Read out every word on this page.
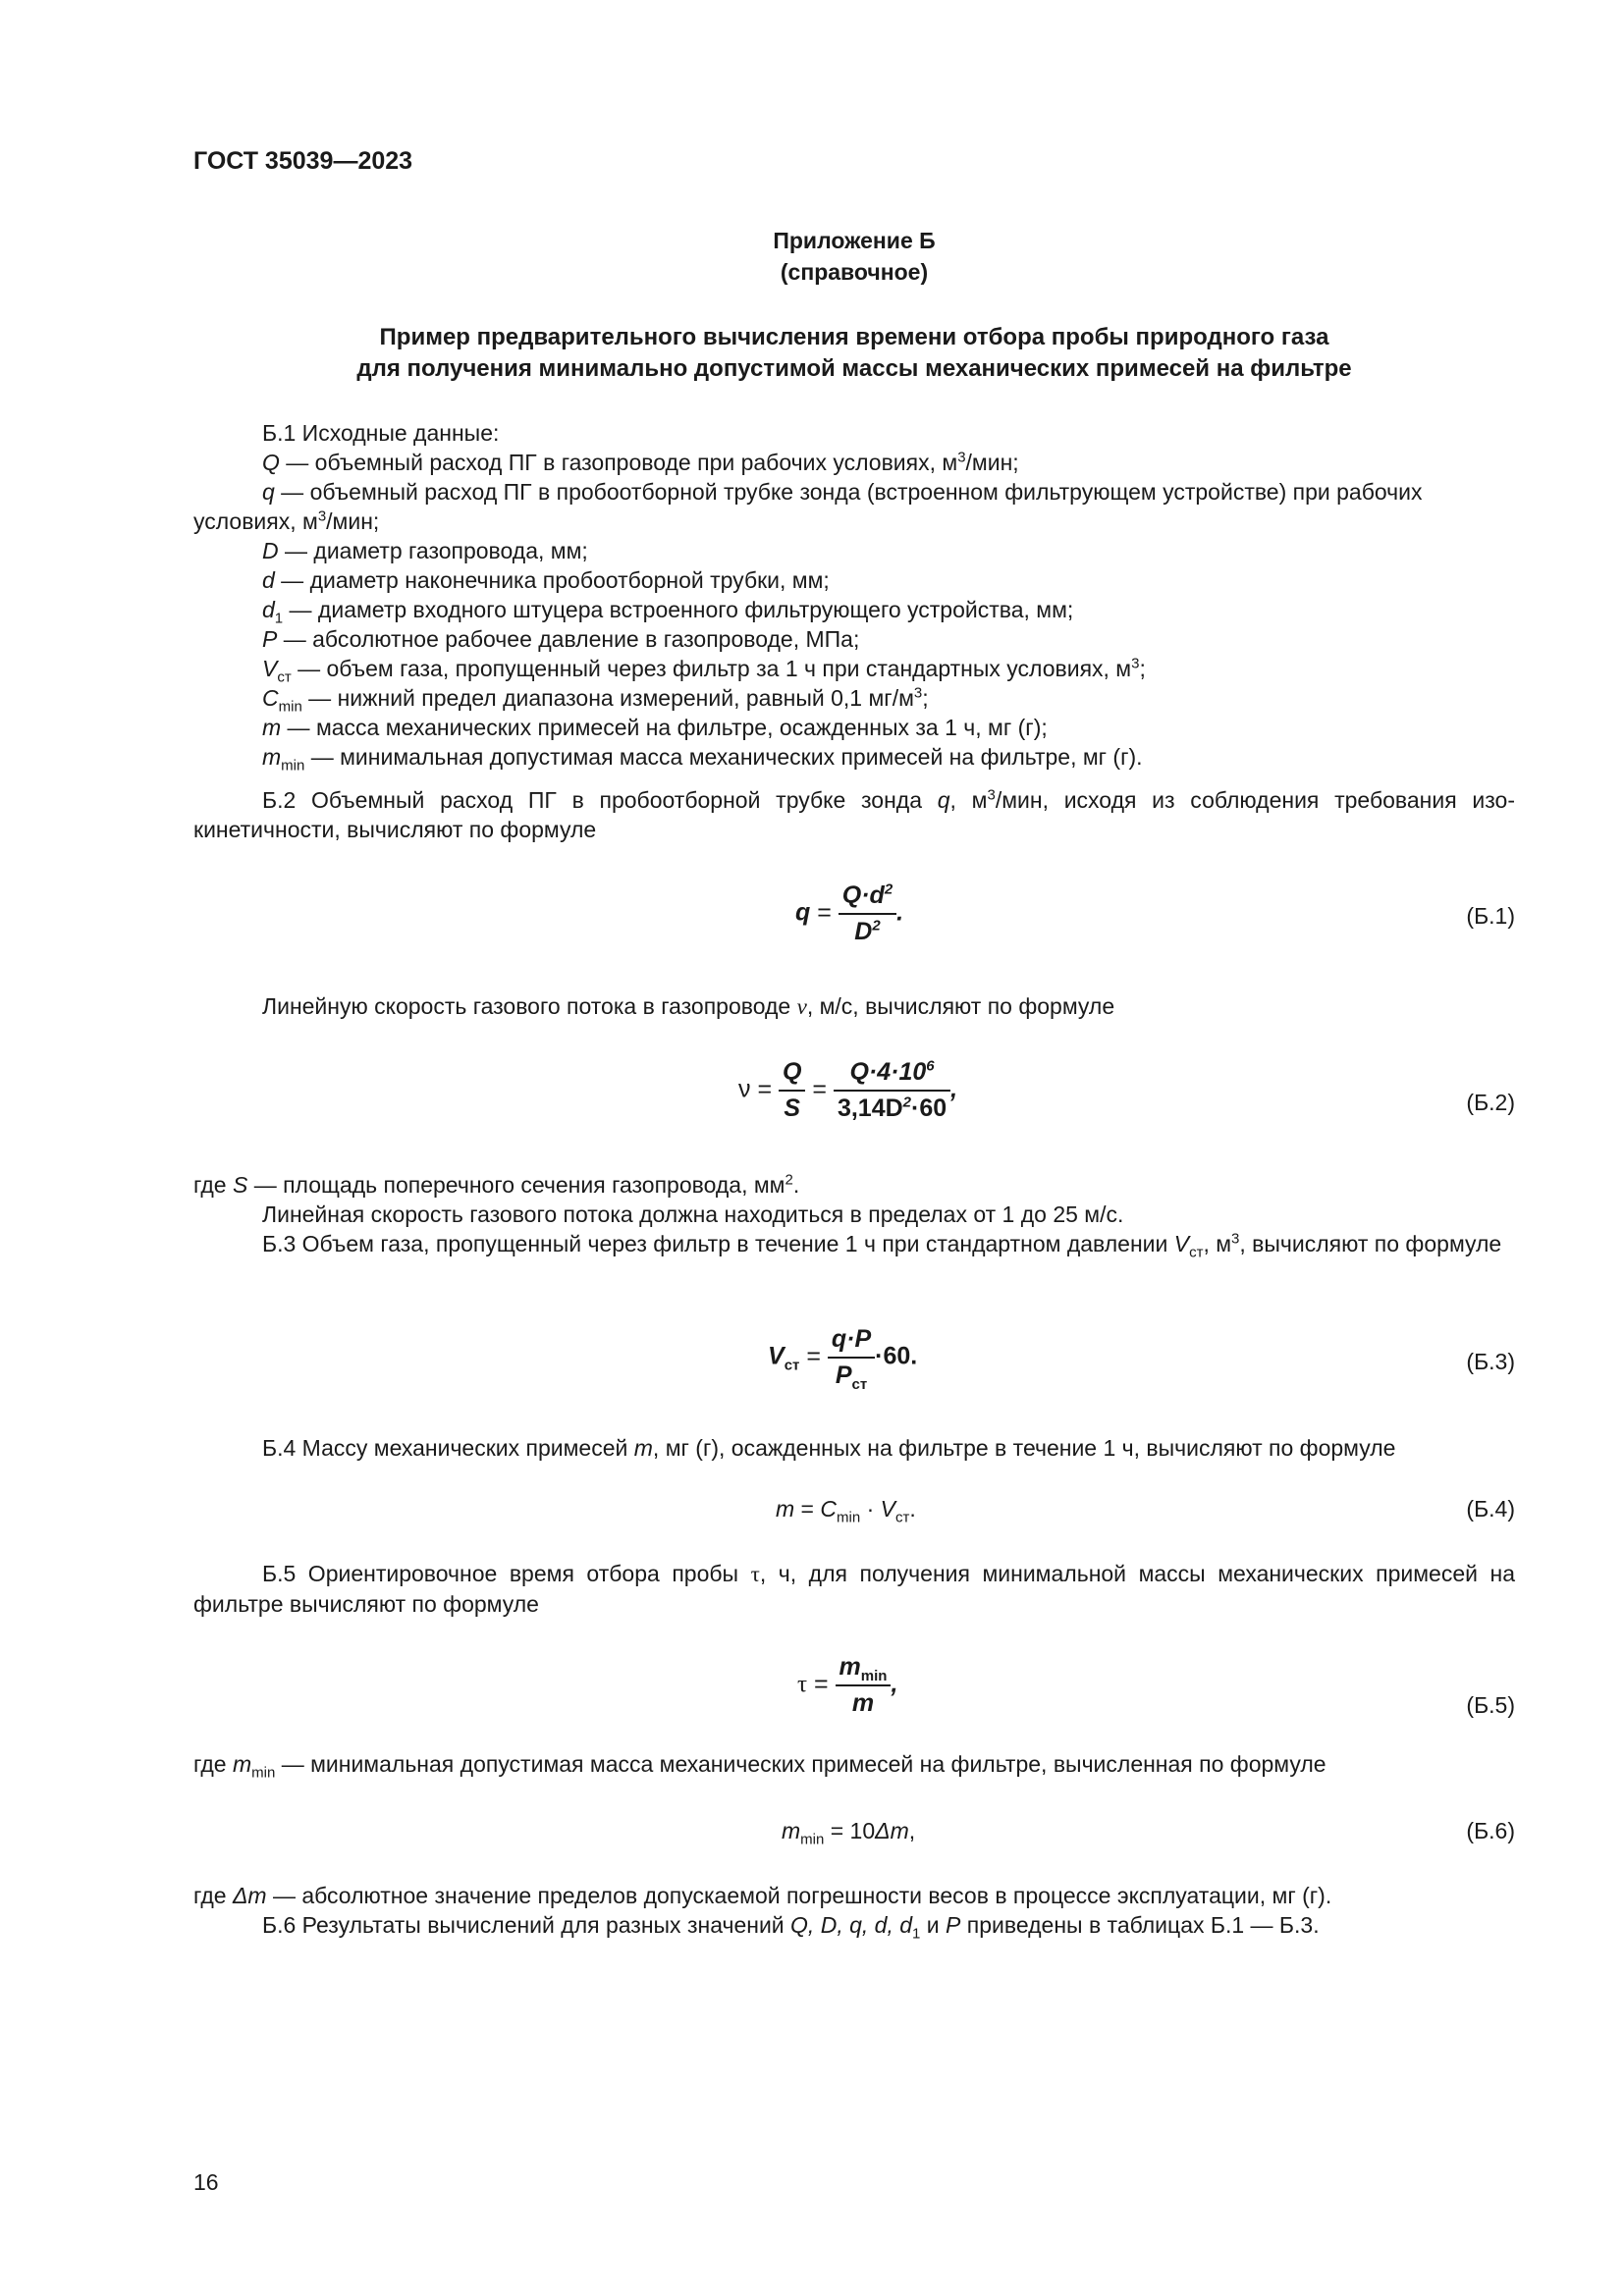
ГОСТ 35039—2023
Приложение Б
(справочное)
Пример предварительного вычисления времени отбора пробы природного газа
для получения минимально допустимой массы механических примесей на фильтре
Б.1 Исходные данные:
Q — объемный расход ПГ в газопроводе при рабочих условиях, $м^3$/мин;
q — объемный расход ПГ в пробоотборной трубке зонда (встроенном фильтрующем устройстве) при рабочих
условиях, $м^3$/мин;
D — диаметр газопровода, мм;
d — диаметр наконечника пробоотборной трубки, мм;
$d_1$ — диаметр входного штуцера встроенного фильтрующего устройства, мм;
P — абсолютное рабочее давление в газопроводе, МПа;
$V_{ст}$ — объем газа, пропущенный через фильтр за 1 ч при стандартных условиях, $м^3$;
$C_{min}$ — нижний предел диапазона измерений, равный 0,1 $мг/м^3$;
m — масса механических примесей на фильтре, осажденных за 1 ч, мг (г);
$m_{min}$ — минимальная допустимая масса механических примесей на фильтре, мг (г).
Б.2 Объемный расход ПГ в пробоотборной трубке зонда q, $м^3$/мин, исходя из соблюдения требования изо-кинетичности, вычисляют по формуле
$q = \frac{Q\cdot d^2}{D^2}$ .	(Б.1)
Линейную скорость газового потока в газопроводе v, м/с, вычисляют по формуле
$\nu = \frac{Q}{S} = \frac{Q\cdot 4\cdot 10^6}{3,14D^2\cdot 60}$ ,	(Б.2)
где S — площадь поперечного сечения газопровода, $мм^2$.
Линейная скорость газового потока должна находиться в пределах от 1 до 25 м/с.
Б.3 Объем газа, пропущенный через фильтр в течение 1 ч при стандартном давлении $V_{ст}$, $м^3$, вычисляют по формуле
$V_{ст} = \frac{q\cdot P}{P_{ст}} \cdot 60$.	(Б.3)
Б.4 Массу механических примесей m, мг (г), осажденных на фильтре в течение 1 ч, вычисляют по формуле
$m = C_{min} \cdot V_{ст}$.	(Б.4)
Б.5 Ориентировочное время отбора пробы τ, ч, для получения минимальной массы механических примесей на фильтре вычисляют по формуле
$\tau = \frac{m_{min}}{m}$ ,
(Б.5)
где $m_{min}$ — минимальная допустимая масса механических примесей на фильтре, вычисленная по формуле
$m_{min} = 10\Delta m$,	(Б.6)
где Δm — абсолютное значение пределов допускаемой погрешности весов в процессе эксплуатации, мг (г).
Б.6 Результаты вычислений для разных значений Q, D, q, d, $d_1$ и P приведены в таблицах Б.1 — Б.3.
16
